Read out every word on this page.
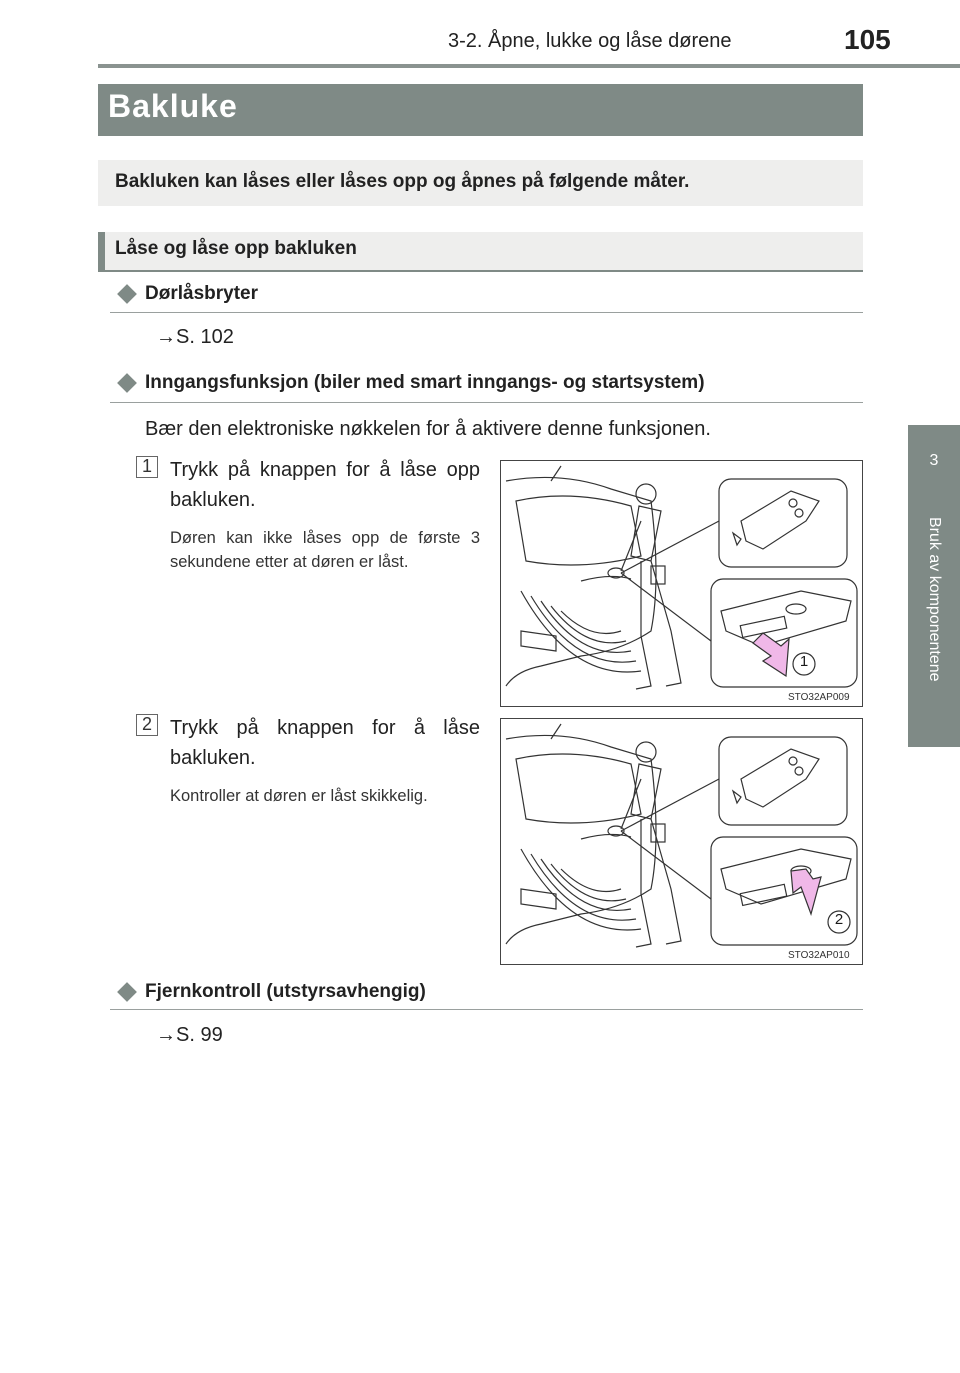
3-2. Åpne, lukke og låse dørene	105
3
Bruk av komponentene
Bakluke
Bakluken kan låses eller låses opp og åpnes på følgende måter.
Låse og låse opp bakluken
Dørlåsbryter
→S. 102
Inngangsfunksjon (biler med smart inngangs- og startsystem)
Bær den elektroniske nøkkelen for å aktivere denne funksjonen.
1 Trykk på knappen for å låse opp bakluken.
Døren kan ikke låses opp de første 3 sekundene etter at døren er låst.
1
STO32AP009
2 Trykk på knappen for å låse bakluken.
Kontroller at døren er låst skikkelig.
2
STO32AP010
Fjernkontroll (utstyrsavhengig)
→S. 99
